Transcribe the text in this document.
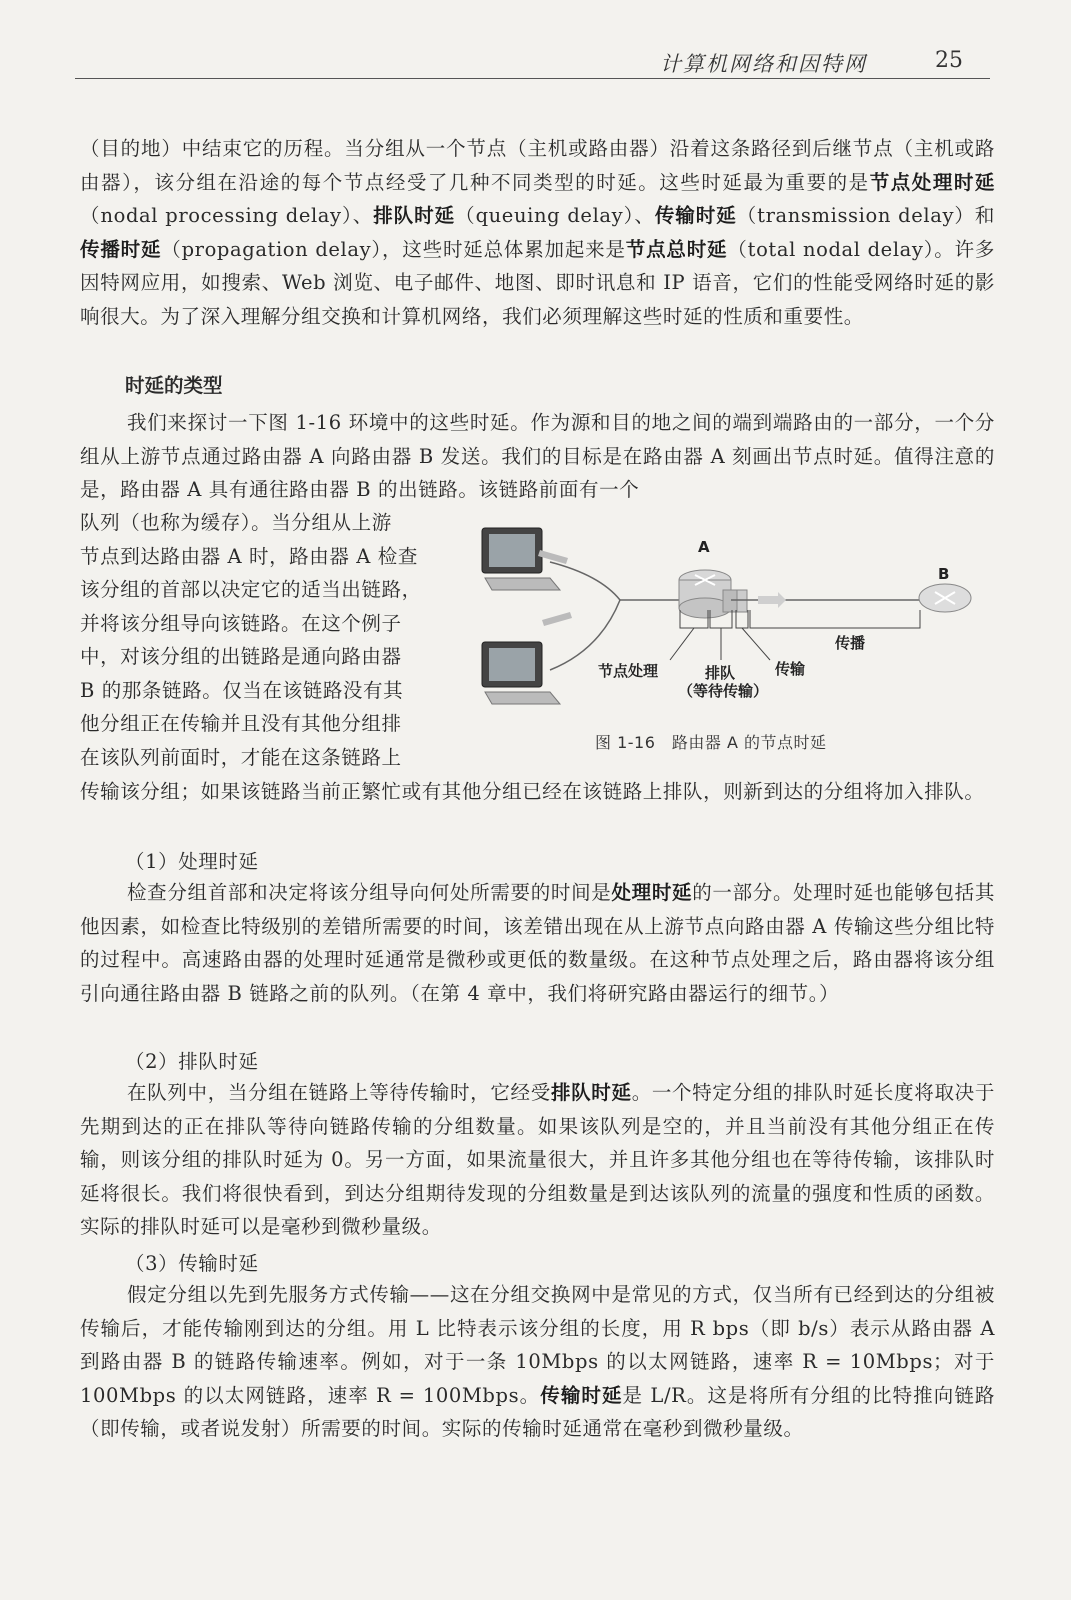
计算机网络和因特网	25

（目的地）中结束它的历程。当分组从一个节点（主机或路由器）沿着这条路径到后继节点（主机或路由器），该分组在沿途的每个节点经受了几种不同类型的时延。这些时延最为重要的是节点处理时延（nodal processing delay）、排队时延（queuing delay）、传输时延（transmission delay）和传播时延（propagation delay），这些时延总体累加起来是节点总时延（total nodal delay）。许多因特网应用，如搜索、Web 浏览、电子邮件、地图、即时讯息和 IP 语音，它们的性能受网络时延的影响很大。为了深入理解分组交换和计算机网络，我们必须理解这些时延的性质和重要性。

时延的类型

我们来探讨一下图 1-16 环境中的这些时延。作为源和目的地之间的端到端路由的一部分，一个分组从上游节点通过路由器 A 向路由器 B 发送。我们的目标是在路由器 A 刻画出节点时延。值得注意的是，路由器 A 具有通往路由器 B 的出链路。该链路前面有一个

队列（也称为缓存）。当分组从上游
节点到达路由器 A 时，路由器 A 检查
该分组的首部以决定它的适当出链路，
并将该分组导向该链路。在这个例子
中，对该分组的出链路是通向路由器
B 的那条链路。仅当在该链路没有其
他分组正在传输并且没有其他分组排
在该队列前面时，才能在这条链路上
A
B
传播
传输
排队
（等待传输）
节点处理
图 1-16　路由器 A 的节点时延

传输该分组；如果该链路当前正繁忙或有其他分组已经在该链路上排队，则新到达的分组将加入排队。

（1）处理时延

检查分组首部和决定将该分组导向何处所需要的时间是处理时延的一部分。处理时延也能够包括其他因素，如检查比特级别的差错所需要的时间，该差错出现在从上游节点向路由器 A 传输这些分组比特的过程中。高速路由器的处理时延通常是微秒或更低的数量级。在这种节点处理之后，路由器将该分组引向通往路由器 B 链路之前的队列。（在第 4 章中，我们将研究路由器运行的细节。）

（2）排队时延

在队列中，当分组在链路上等待传输时，它经受排队时延。一个特定分组的排队时延长度将取决于先期到达的正在排队等待向链路传输的分组数量。如果该队列是空的，并且当前没有其他分组正在传输，则该分组的排队时延为 0。另一方面，如果流量很大，并且许多其他分组也在等待传输，该排队时延将很长。我们将很快看到，到达分组期待发现的分组数量是到达该队列的流量的强度和性质的函数。实际的排队时延可以是毫秒到微秒量级。

（3）传输时延

假定分组以先到先服务方式传输——这在分组交换网中是常见的方式，仅当所有已经到达的分组被传输后，才能传输刚到达的分组。用 L 比特表示该分组的长度，用 R bps（即 b/s）表示从路由器 A 到路由器 B 的链路传输速率。例如，对于一条 10Mbps 的以太网链路，速率 R = 10Mbps；对于 100Mbps 的以太网链路，速率 R = 100Mbps。传输时延是 L/R。这是将所有分组的比特推向链路（即传输，或者说发射）所需要的时间。实际的传输时延通常在毫秒到微秒量级。
